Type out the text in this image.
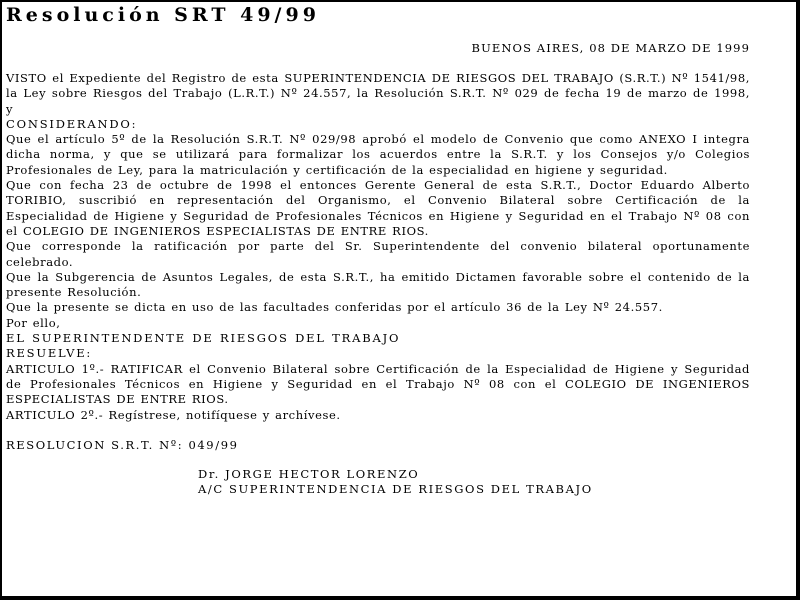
Resolución SRT 49/99
BUENOS AIRES, 08 DE MARZO DE 1999

VISTO el Expediente del Registro de esta SUPERINTENDENCIA DE RIESGOS DEL TRABAJO (S.R.T.) Nº 1541/98, la Ley sobre Riesgos del Trabajo (L.R.T.) Nº 24.557, la Resolución S.R.T. Nº 029 de fecha 19 de marzo de 1998, y

CONSIDERANDO:

Que el artículo 5º de la Resolución S.R.T. Nº 029/98 aprobó el modelo de Convenio que como ANEXO I integra dicha norma, y que se utilizará para formalizar los acuerdos entre la S.R.T. y los Consejos y/o Colegios Profesionales de Ley, para la matriculación y certificación de la especialidad en higiene y seguridad.

Que con fecha 23 de octubre de 1998 el entonces Gerente General de esta S.R.T., Doctor Eduardo Alberto TORIBIO, suscribió en representación del Organismo, el Convenio Bilateral sobre Certificación de la Especialidad de Higiene y Seguridad de Profesionales Técnicos en Higiene y Seguridad en el Trabajo Nº 08 con el COLEGIO DE INGENIEROS ESPECIALISTAS DE ENTRE RIOS.

Que corresponde la ratificación por parte del Sr. Superintendente del convenio bilateral oportunamente celebrado.

Que la Subgerencia de Asuntos Legales, de esta S.R.T., ha emitido Dictamen favorable sobre el contenido de la presente Resolución.

Que la presente se dicta en uso de las facultades conferidas por el artículo 36 de la Ley Nº 24.557.

Por ello,

EL SUPERINTENDENTE DE RIESGOS DEL TRABAJO

RESUELVE:

ARTICULO 1º.- RATIFICAR el Convenio Bilateral sobre Certificación de la Especialidad de Higiene y Seguridad de Profesionales Técnicos en Higiene y Seguridad en el Trabajo Nº 08 con el COLEGIO DE INGENIEROS ESPECIALISTAS DE ENTRE RIOS.

ARTICULO 2º.- Regístrese, notifíquese y archívese.

RESOLUCION S.R.T. Nº: 049/99

Dr. JORGE HECTOR LORENZO
A/C SUPERINTENDENCIA DE RIESGOS DEL TRABAJO
